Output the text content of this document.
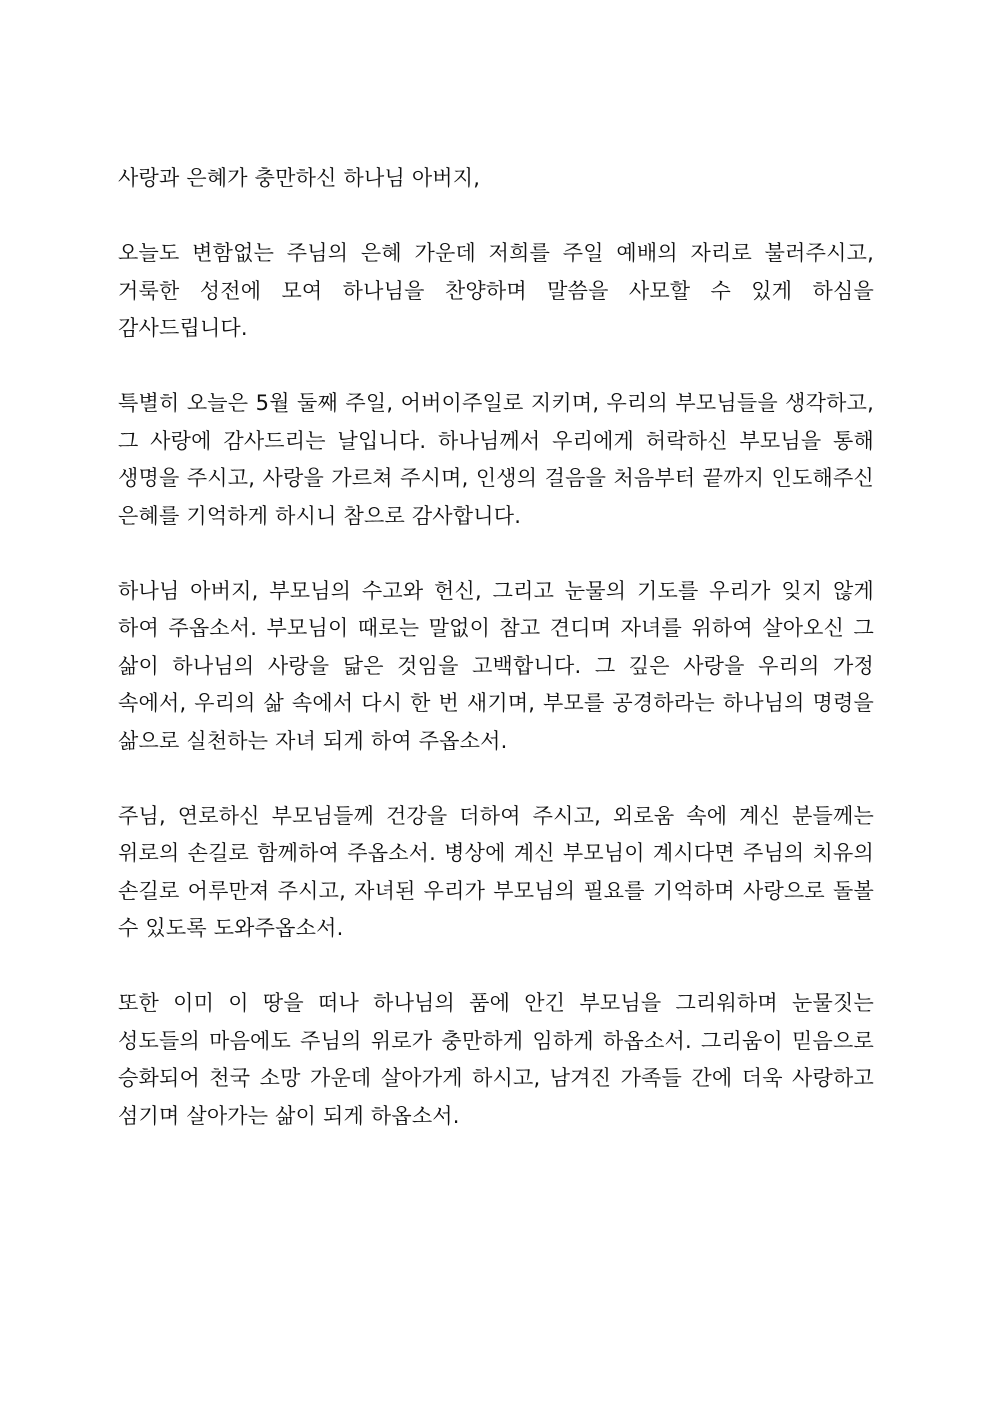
사랑과 은혜가 충만하신 하나님 아버지,

오늘도 변함없는 주님의 은혜 가운데 저희를 주일 예배의 자리로 불러주시고, 거룩한 성전에 모여 하나님을 찬양하며 말씀을 사모할 수 있게 하심을 감사드립니다.

특별히 오늘은 5월 둘째 주일, 어버이주일로 지키며, 우리의 부모님들을 생각하고, 그 사랑에 감사드리는 날입니다. 하나님께서 우리에게 허락하신 부모님을 통해 생명을 주시고, 사랑을 가르쳐 주시며, 인생의 걸음을 처음부터 끝까지 인도해주신 은혜를 기억하게 하시니 참으로 감사합니다.

하나님 아버지, 부모님의 수고와 헌신, 그리고 눈물의 기도를 우리가 잊지 않게 하여 주옵소서. 부모님이 때로는 말없이 참고 견디며 자녀를 위하여 살아오신 그 삶이 하나님의 사랑을 닮은 것임을 고백합니다. 그 깊은 사랑을 우리의 가정 속에서, 우리의 삶 속에서 다시 한 번 새기며, 부모를 공경하라는 하나님의 명령을 삶으로 실천하는 자녀 되게 하여 주옵소서.

주님, 연로하신 부모님들께 건강을 더하여 주시고, 외로움 속에 계신 분들께는 위로의 손길로 함께하여 주옵소서. 병상에 계신 부모님이 계시다면 주님의 치유의 손길로 어루만져 주시고, 자녀된 우리가 부모님의 필요를 기억하며 사랑으로 돌볼 수 있도록 도와주옵소서.

또한 이미 이 땅을 떠나 하나님의 품에 안긴 부모님을 그리워하며 눈물짓는 성도들의 마음에도 주님의 위로가 충만하게 임하게 하옵소서. 그리움이 믿음으로 승화되어 천국 소망 가운데 살아가게 하시고, 남겨진 가족들 간에 더욱 사랑하고 섬기며 살아가는 삶이 되게 하옵소서.
